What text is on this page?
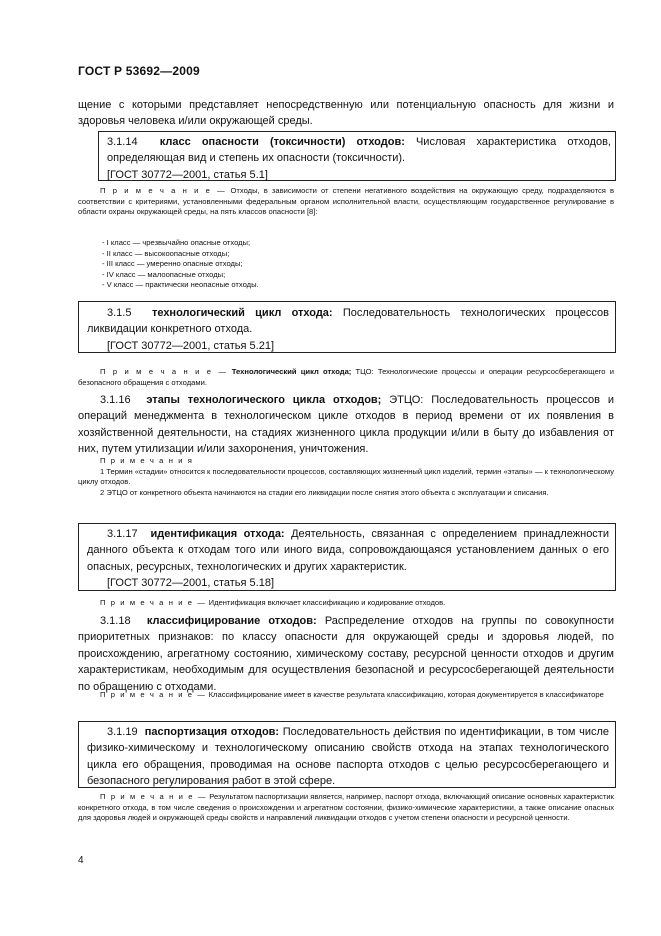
ГОСТ Р 53692—2009
щение с которыми представляет непосредственную или потенциальную опасность для жизни и здоровья человека и/или окружающей среды.
3.1.14 класс опасности (токсичности) отходов: Числовая характеристика отходов, определяющая вид и степень их опасности (токсичности).
[ГОСТ 30772—2001, статья 5.1]
П р и м е ч а н и е — Отходы, в зависимости от степени негативного воздействия на окружающую среду, подразделяются в соответствии с критериями, установленными федеральным органом исполнительной власти, осуществляющим государственное регулирование в области охраны окружающей среды, на пять классов опасности [8]:
- I класс — чрезвычайно опасные отходы;
- II класс — высокоопасные отходы;
- III класс — умеренно опасные отходы;
- IV класс — малоопасные отходы;
- V класс — практически неопасные отходы.
3.1.5 технологический цикл отхода: Последовательность технологических процессов ликвидации конкретного отхода.
[ГОСТ 30772—2001, статья 5.21]
П р и м е ч а н и е — Технологический цикл отхода; ТЦО: Технологические процессы и операции ресурсосберегающего и безопасного обращения с отходами.
3.1.16 этапы технологического цикла отходов; ЭТЦО: Последовательность процессов и операций менеджмента в технологическом цикле отходов в период времени от их появления в хозяйственной деятельности, на стадиях жизненного цикла продукции и/или в быту до избавления от них, путем утилизации и/или захоронения, уничтожения.
П р и м е ч а н и я
1 Термин «стадии» относится к последовательности процессов, составляющих жизненный цикл изделий, термин «этапы» — к технологическому циклу отходов.
2 ЭТЦО от конкретного объекта начинаются на стадии его ликвидации после снятия этого объекта с эксплуатации и списания.
3.1.17 идентификация отхода: Деятельность, связанная с определением принадлежности данного объекта к отходам того или иного вида, сопровождающаяся установлением данных о его опасных, ресурсных, технологических и других характеристик.
[ГОСТ 30772—2001, статья 5.18]
П р и м е ч а н и е — Идентификация включает классификацию и кодирование отходов.
3.1.18 классифицирование отходов: Распределение отходов на группы по совокупности приоритетных признаков: по классу опасности для окружающей среды и здоровья людей, по происхождению, агрегатному состоянию, химическому составу, ресурсной ценности отходов и другим характеристикам, необходимым для осуществления безопасной и ресурсосберегающей деятельности по обращению с отходами.
П р и м е ч а н и е — Классифицирование имеет в качестве результата классификацию, которая документируется в классификаторе
3.1.19 паспортизация отходов: Последовательность действия по идентификации, в том числе физико-химическому и технологическому описанию свойств отхода на этапах технологического цикла его обращения, проводимая на основе паспорта отходов с целью ресурсосберегающего и безопасного регулирования работ в этой сфере.
П р и м е ч а н и е — Результатом паспортизации является, например, паспорт отхода, включающий описание основных характеристик конкретного отхода, в том числе сведения о происхождении и агрегатном состоянии, физико-химические характеристики, а также описание опасных для здоровья людей и окружающей среды свойств и направлений ликвидации отходов с учетом степени опасности и ресурсной ценности.
4
